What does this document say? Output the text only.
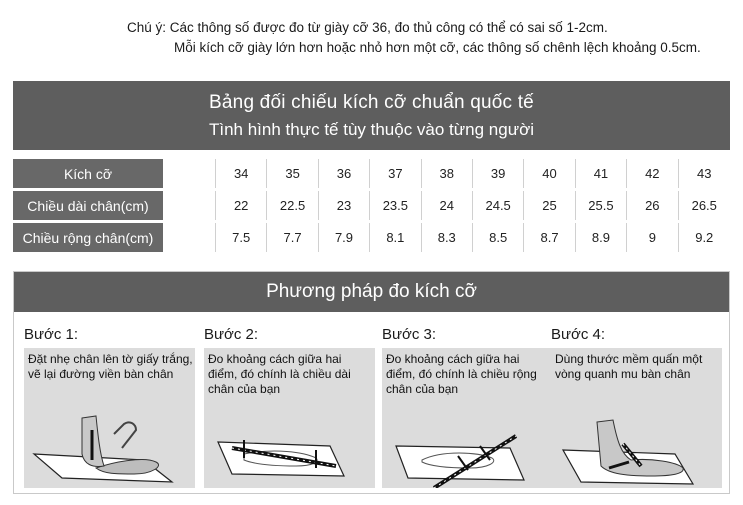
Chú ý: Các thông số được đo từ giày cỡ 36, đo thủ công có thể có sai số 1-2cm.
Mỗi kích cỡ giày lớn hơn hoặc nhỏ hơn một cỡ, các thông số chênh lệch khoảng 0.5cm.
Bảng đối chiếu kích cỡ chuẩn quốc tế
Tình hình thực tế tùy thuộc vào từng người
Kích cỡ		34	35	36	37	38	39	40	41	42	43
Chiều dài chân(cm)		22	22.5	23	23.5	24	24.5	25	25.5	26	26.5
Chiều rộng chân(cm)		7.5	7.7	7.9	8.1	8.3	8.5	8.7	8.9	9	9.2
Phương pháp đo kích cỡ
Bước 1:
Đặt nhẹ chân lên tờ giấy trắng, vẽ lại đường viền bàn chân
Bước 2:
Đo khoảng cách giữa hai điểm, đó chính là chiều dài chân của bạn
Bước 3:
Đo khoảng cách giữa hai điểm, đó chính là chiều rộng chân của bạn
Bước 4:
Dùng thước mềm quấn một vòng quanh mu bàn chân
